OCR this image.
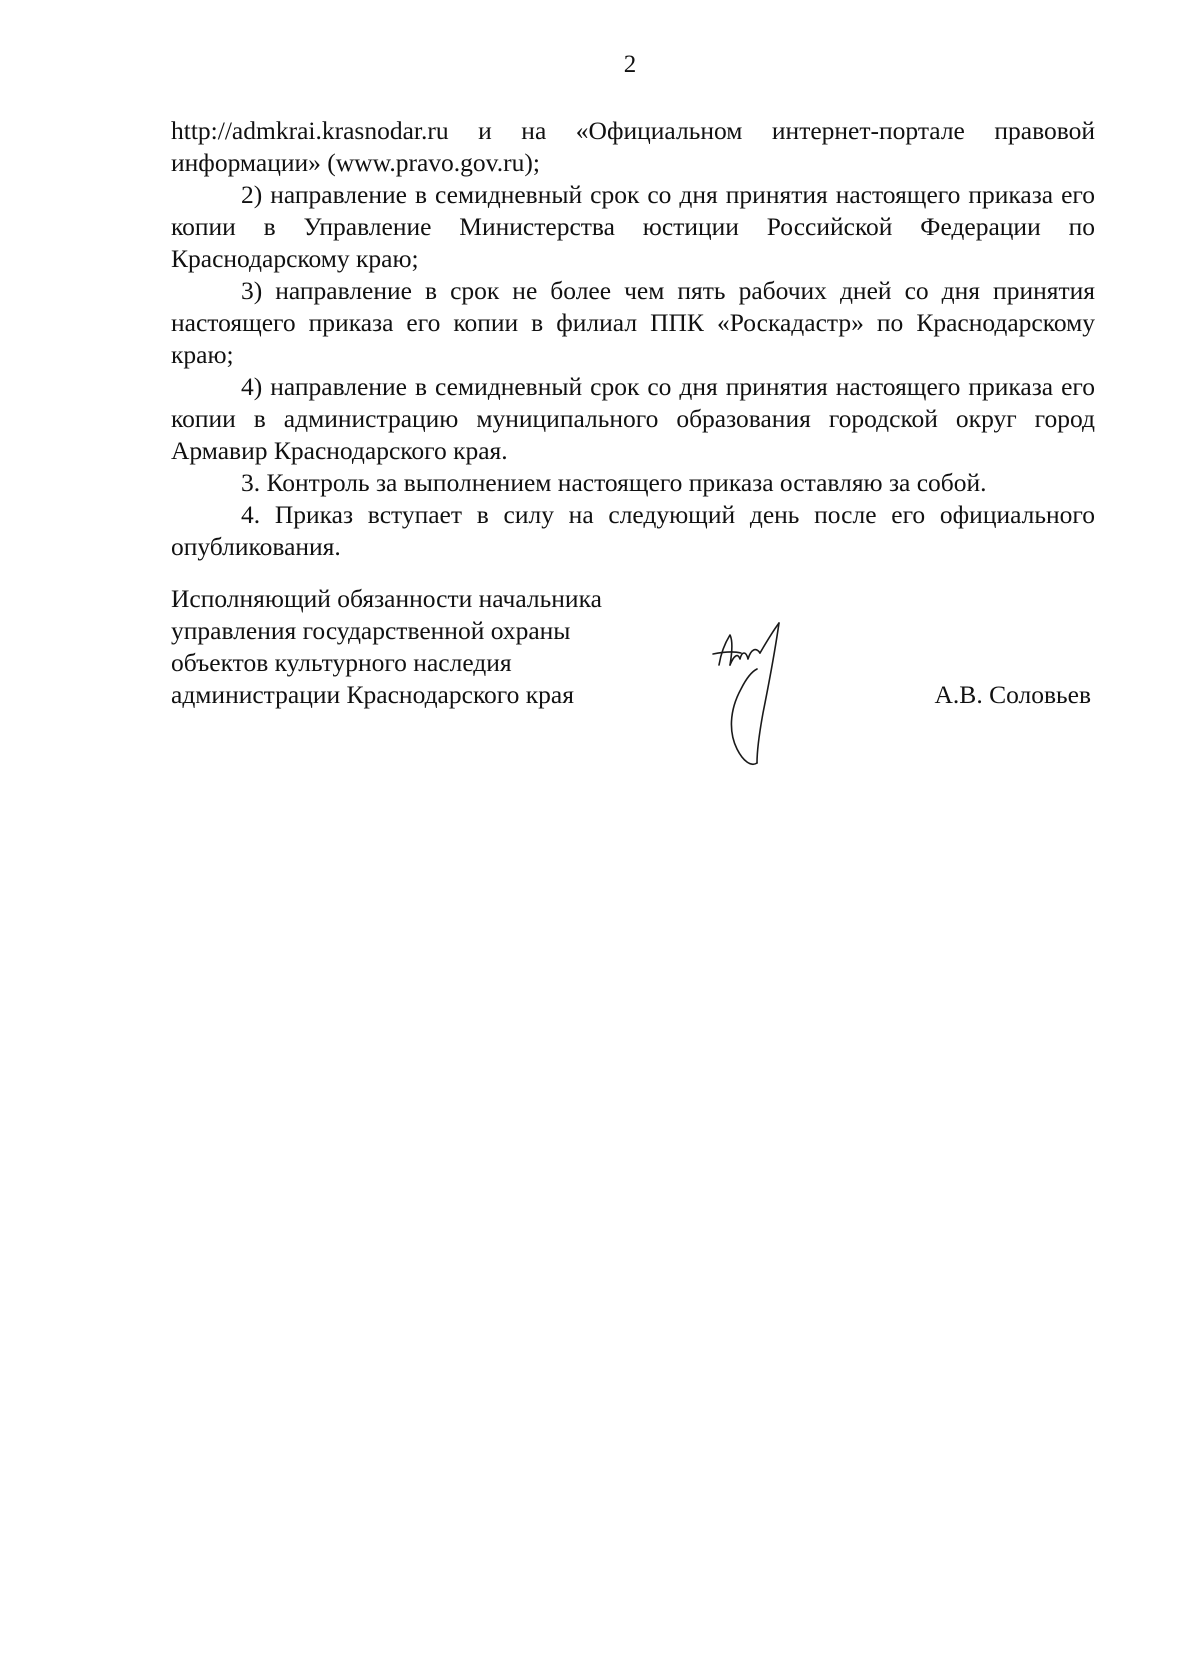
2

http://admkrai.krasnodar.ru и на «Официальном интернет-портале правовой информации» (www.pravo.gov.ru);

2) направление в семидневный срок со дня принятия настоящего приказа его копии в Управление Министерства юстиции Российской Федерации по Краснодарскому краю;

3) направление в срок не более чем пять рабочих дней со дня принятия настоящего приказа его копии в филиал ППК «Роскадастр» по Краснодарскому краю;

4) направление в семидневный срок со дня принятия настоящего приказа его копии в администрацию муниципального образования городской округ город Армавир Краснодарского края.

3. Контроль за выполнением настоящего приказа оставляю за собой.

4. Приказ вступает в силу на следующий день после его официального опубликования.

Исполняющий обязанности начальника
управления государственной охраны
объектов культурного наследия
администрации Краснодарского края	А.В. Соловьев
